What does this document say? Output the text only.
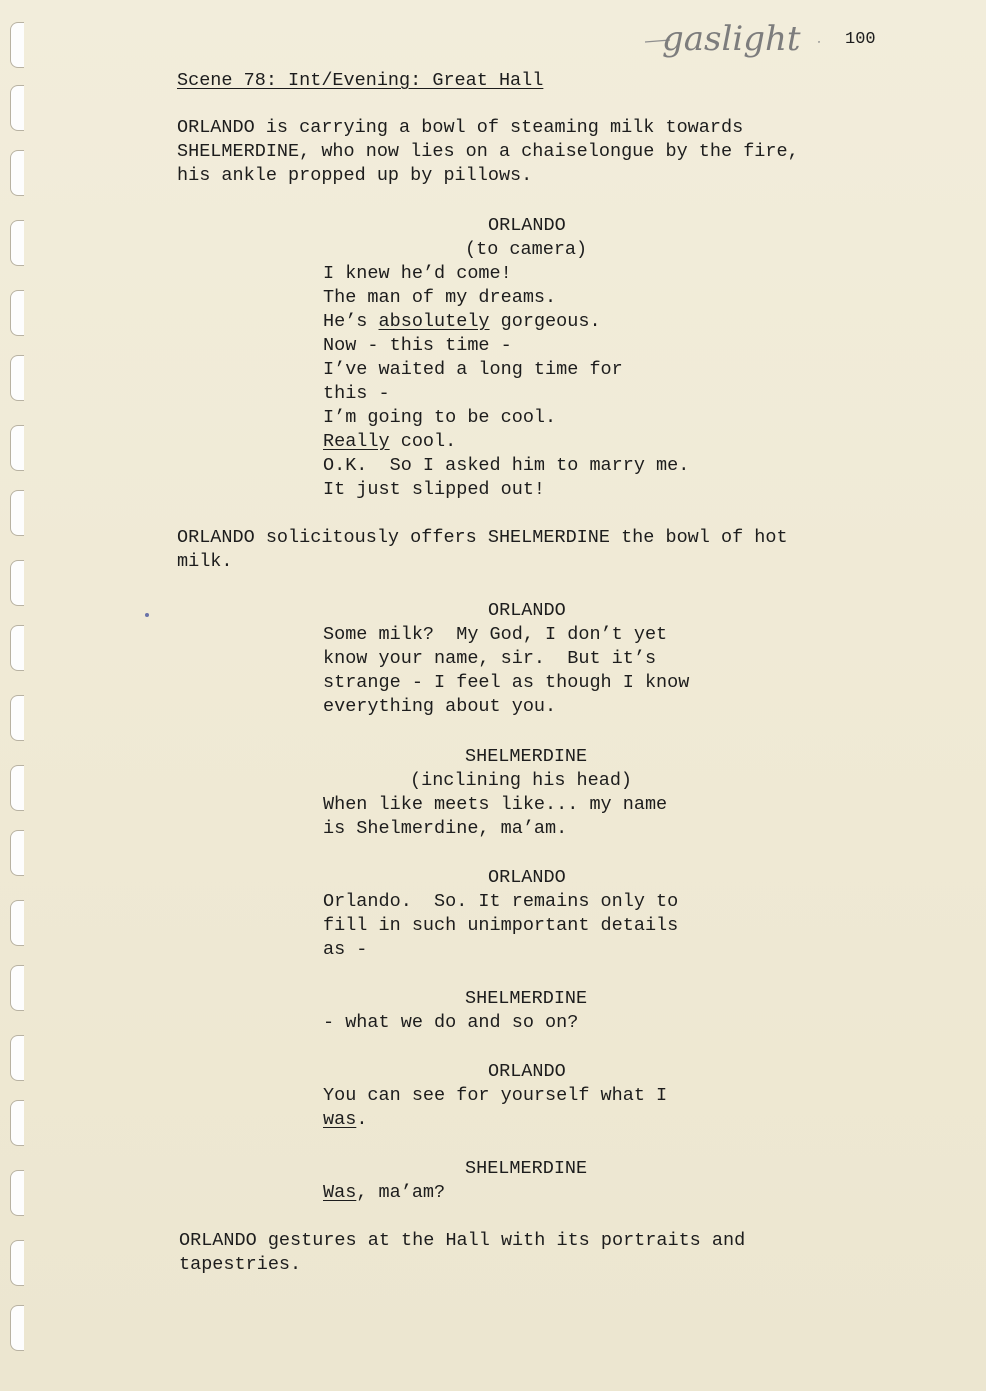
gaslight	100
Scene 78: Int/Evening: Great Hall
ORLANDO is carrying a bowl of steaming milk towards
SHELMERDINE, who now lies on a chaiselongue by the fire,
his ankle propped up by pillows.
ORLANDO
(to camera)
I knew he’d come!
The man of my dreams.
He’s absolutely gorgeous.
Now - this time -
I’ve waited a long time for
this -
I’m going to be cool.
Really cool.
O.K.  So I asked him to marry me.
It just slipped out!
ORLANDO solicitously offers SHELMERDINE the bowl of hot
milk.
ORLANDO
Some milk?  My God, I don’t yet
know your name, sir.  But it’s
strange - I feel as though I know
everything about you.
SHELMERDINE
(inclining his head)
When like meets like... my name
is Shelmerdine, ma’am.
ORLANDO
Orlando.  So. It remains only to
fill in such unimportant details
as -
SHELMERDINE
- what we do and so on?
ORLANDO
You can see for yourself what I
was.
SHELMERDINE
Was, ma’am?
ORLANDO gestures at the Hall with its portraits and
tapestries.
